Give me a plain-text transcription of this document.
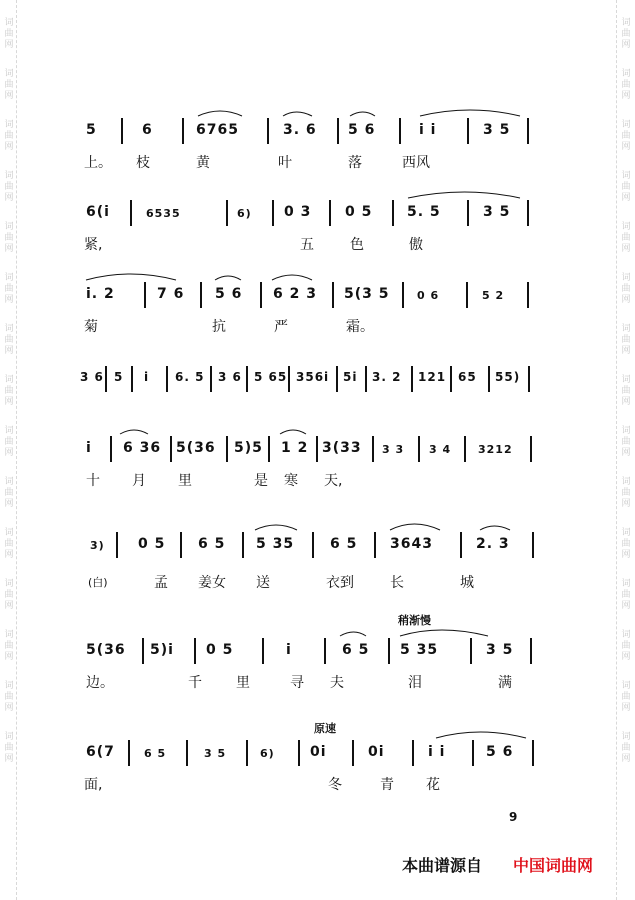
词
曲
网
词
曲
网
词
曲
网
词
曲
网
词
曲
网
词
曲
网
词
曲
网
词
曲
网
词
曲
网
词
曲
网
词
曲
网
词
曲
网
词
曲
网
词
曲
网
词
曲
网
词
曲
网
词
曲
网
词
曲
网
词
曲
网
词
曲
网
词
曲
网
词
曲
网
词
曲
网
词
曲
网
词
曲
网
词
曲
网
词
曲
网
词
曲
网
词
曲
网
词
曲
网
5	6	6765	3. 6 5 6	i i	3 5
上。 枝	黄	叶	落	西风
6(i	6535	6) 0 3 0 5 5. 5	3 5
紧,	五	色	傲
i. 2	7 6 5 6 6 2 3 5(3 5	0 6	5 2
菊	抗	严	霜。
3 6 5 i 6. 5 3 6 5 65 356i 5i 3. 2 121 65 55)
i 6 36 5(36 5)5 1 2 3(33 3 3 3 4 3212
十 月 里	是 寒 天,
3) 0 5 6 5 5 35	6 5 3643	2. 3
(白)	孟 姜女 送	衣到	长	城
稍渐慢
5(36 5)i 0 5	i	6 5 5 35	3 5
边。	千 里	寻 夫	泪	满
原速
6(7	6 5	3 5	6)	0i	0i	i i	5 6
面,	冬	青 花
9
本曲谱源自 中国词曲网
